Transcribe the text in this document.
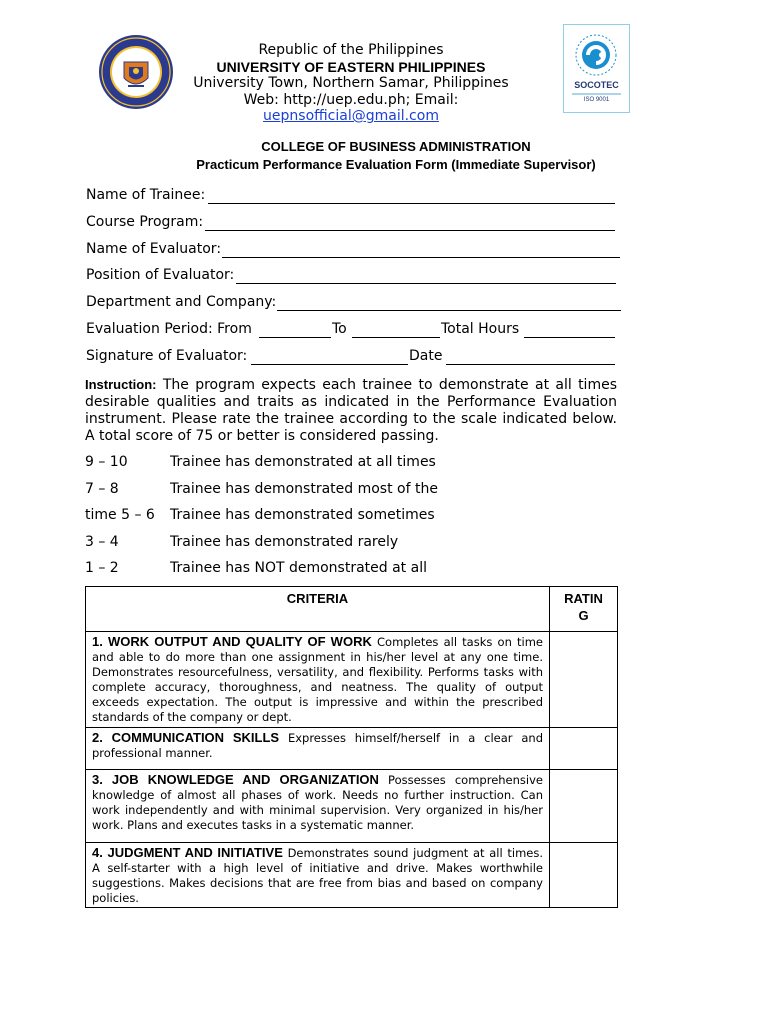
Republic of the Philippines
UNIVERSITY OF EASTERN PHILIPPINES
University Town, Northern Samar, Philippines
Web: http://uep.edu.ph; Email: uepnsofficial@gmail.com
SOCOTEC
ISO 9001
COLLEGE OF BUSINESS ADMINISTRATION
Practicum Performance Evaluation Form (Immediate Supervisor)
Name of Trainee:
Course Program:
Name of Evaluator:
Position of Evaluator:
Department and Company:
Evaluation Period: From	To	Total Hours
Signature of Evaluator:	Date
Instruction: The program expects each trainee to demonstrate at all times desirable qualities and traits as indicated in the Performance Evaluation instrument. Please rate the trainee according to the scale indicated below. A total score of 75 or better is considered passing.
9 – 10	Trainee has demonstrated at all times
7 – 8	Trainee has demonstrated most of the
time 5 – 6 Trainee has demonstrated sometimes
3 – 4	Trainee has demonstrated rarely
1 – 2	Trainee has NOT demonstrated at all
CRITERIA	RATIN
G

1. WORK OUTPUT AND QUALITY OF WORK Completes all tasks on time and able to do more than one assignment in his/her level at any one time. Demonstrates resourcefulness, versatility, and flexibility. Performs tasks with complete accuracy, thoroughness, and neatness. The quality of output exceeds expectation. The output is impressive and within the prescribed standards of the company or dept.	
2. COMMUNICATION SKILLS Expresses himself/herself in a clear and professional manner.	
3. JOB KNOWLEDGE AND ORGANIZATION Possesses comprehensive knowledge of almost all phases of work. Needs no further instruction. Can work independently and with minimal supervision. Very organized in his/her work. Plans and executes tasks in a systematic manner.	
4. JUDGMENT AND INITIATIVE Demonstrates sound judgment at all times. A self-starter with a high level of initiative and drive. Makes worthwhile suggestions. Makes decisions that are free from bias and based on company policies.	
